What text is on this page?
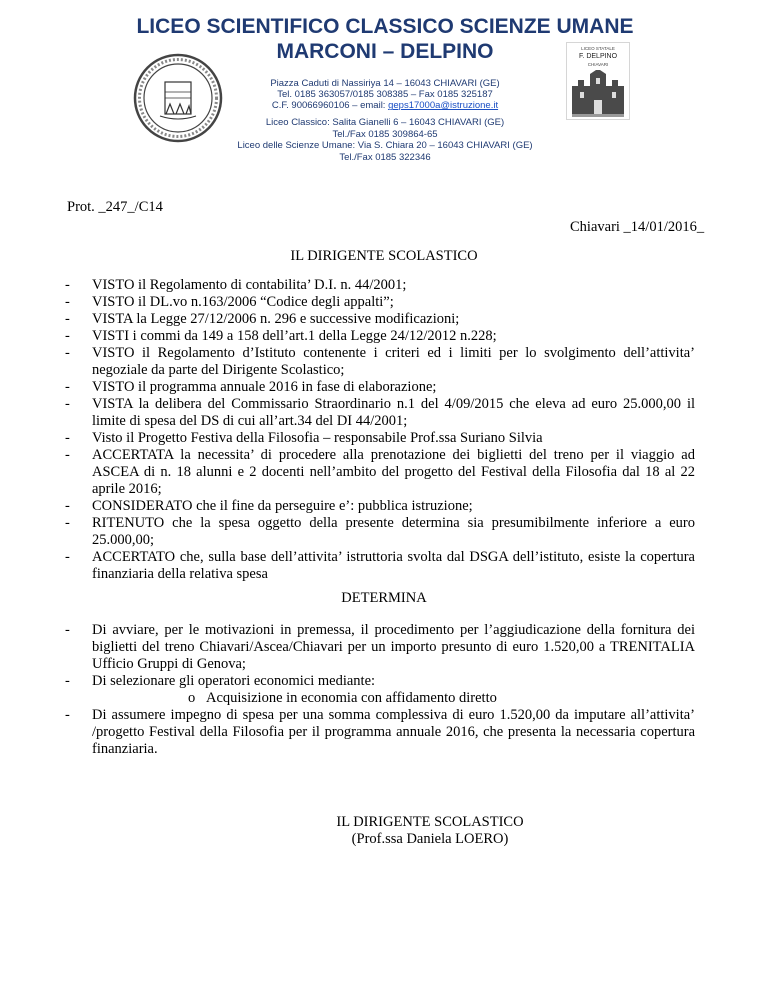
LICEO SCIENTIFICO CLASSICO SCIENZE UMANE
MARCONI – DELPINO	LICEO STATALE
F. DELPINO
CHIAVARI
Piazza Caduti di Nassiriya 14 – 16043 CHIAVARI (GE)
Tel. 0185 363057/0185 308385 – Fax 0185 325187
C.F. 90066960106 – email: geps17000a@istruzione.it
Liceo Classico: Salita Gianelli 6 – 16043 CHIAVARI (GE)
Tel./Fax 0185 309864-65
Liceo delle Scienze Umane: Via S. Chiara 20 – 16043 CHIAVARI (GE)
Tel./Fax 0185 322346
Prot. _247_/C14
Chiavari _14/01/2016_
IL DIRIGENTE SCOLASTICO
- VISTO il Regolamento di contabilita’ D.I. n. 44/2001;
- VISTO il DL.vo n.163/2006 “Codice degli appalti”;
- VISTA la Legge 27/12/2006 n. 296 e successive modificazioni;
- VISTI i commi da 149 a 158 dell’art.1 della Legge 24/12/2012 n.228;
- VISTO il Regolamento d’Istituto contenente i criteri ed i limiti per lo svolgimento dell’attivita’ negoziale da parte del Dirigente Scolastico;
- VISTO il programma annuale 2016 in fase di elaborazione;
- VISTA la delibera del Commissario Straordinario n.1 del 4/09/2015 che eleva ad euro 25.000,00 il limite di spesa del DS di cui all’art.34 del DI 44/2001;
- Visto il Progetto Festiva della Filosofia – responsabile Prof.ssa Suriano Silvia
- ACCERTATA la necessita’ di procedere alla prenotazione dei biglietti del treno per il viaggio ad ASCEA di n. 18 alunni e 2 docenti nell’ambito del progetto del Festival della Filosofia dal 18 al 22 aprile 2016;
- CONSIDERATO che il fine da perseguire e’: pubblica istruzione;
- RITENUTO che la spesa oggetto della presente determina sia presumibilmente inferiore a euro 25.000,00;
- ACCERTATO che, sulla base dell’attivita’ istruttoria svolta dal DSGA dell’istituto, esiste la copertura finanziaria della relativa spesa
DETERMINA
- Di avviare, per le motivazioni in premessa, il procedimento per l’aggiudicazione della fornitura dei biglietti del treno Chiavari/Ascea/Chiavari per un importo presunto di euro 1.520,00 a TRENITALIA Ufficio Gruppi di Genova;
- Di selezionare gli operatori economici mediante:
o Acquisizione in economia con affidamento diretto
- Di assumere impegno di spesa per una somma complessiva di euro 1.520,00 da imputare all’attivita’ /progetto Festival della Filosofia per il programma annuale 2016, che presenta la necessaria copertura finanziaria.
IL DIRIGENTE SCOLASTICO
(Prof.ssa Daniela LOERO)
